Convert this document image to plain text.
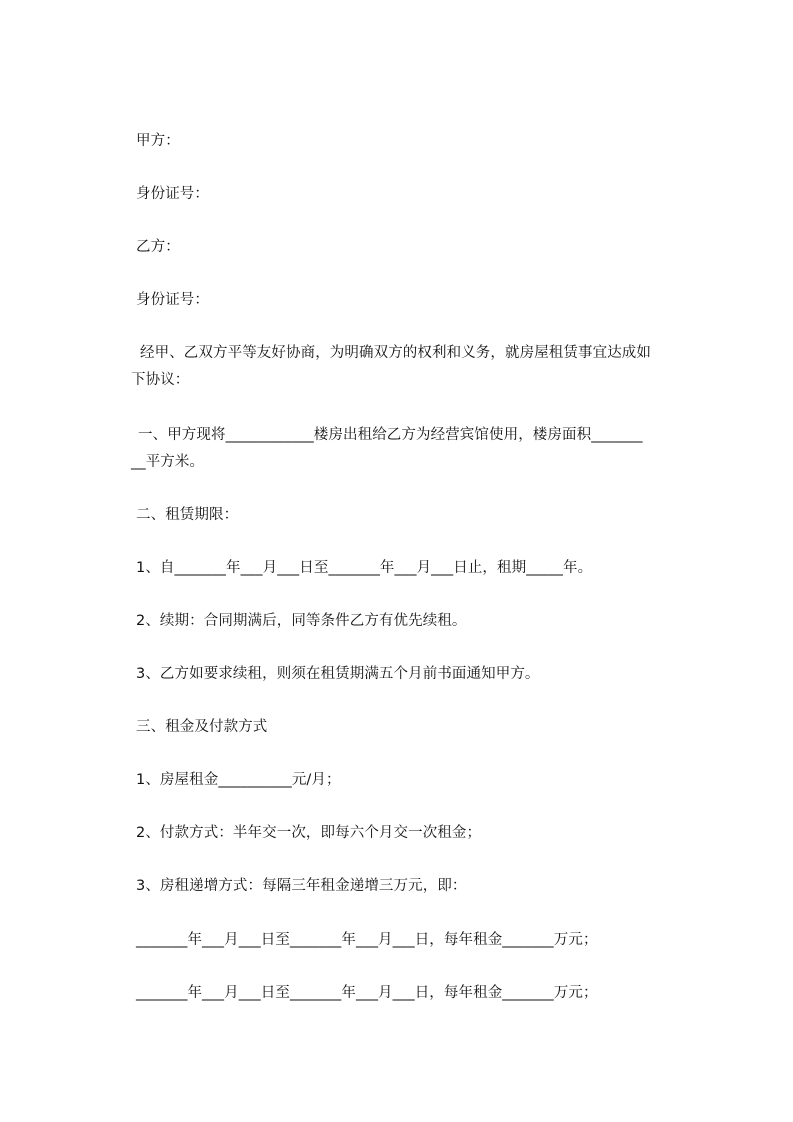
甲方：
身份证号：
乙方：
身份证号：
经甲、乙双方平等友好协商，为明确双方的权利和义务，就房屋租赁事宜达成如
下协议：
一、甲方现将____________楼房出租给乙方为经营宾馆使用，楼房面积_______
__平方米。
二、租赁期限：
1、自_______年___月___日至_______年___月___日止，租期_____年。
2、续期：合同期满后，同等条件乙方有优先续租。
3、乙方如要求续租，则须在租赁期满五个月前书面通知甲方。
三、租金及付款方式
1、房屋租金__________元/月；
2、付款方式：半年交一次，即每六个月交一次租金；
3、房租递增方式：每隔三年租金递增三万元，即：
_______年___月___日至_______年___月___日，每年租金_______万元；
_______年___月___日至_______年___月___日，每年租金_______万元；
